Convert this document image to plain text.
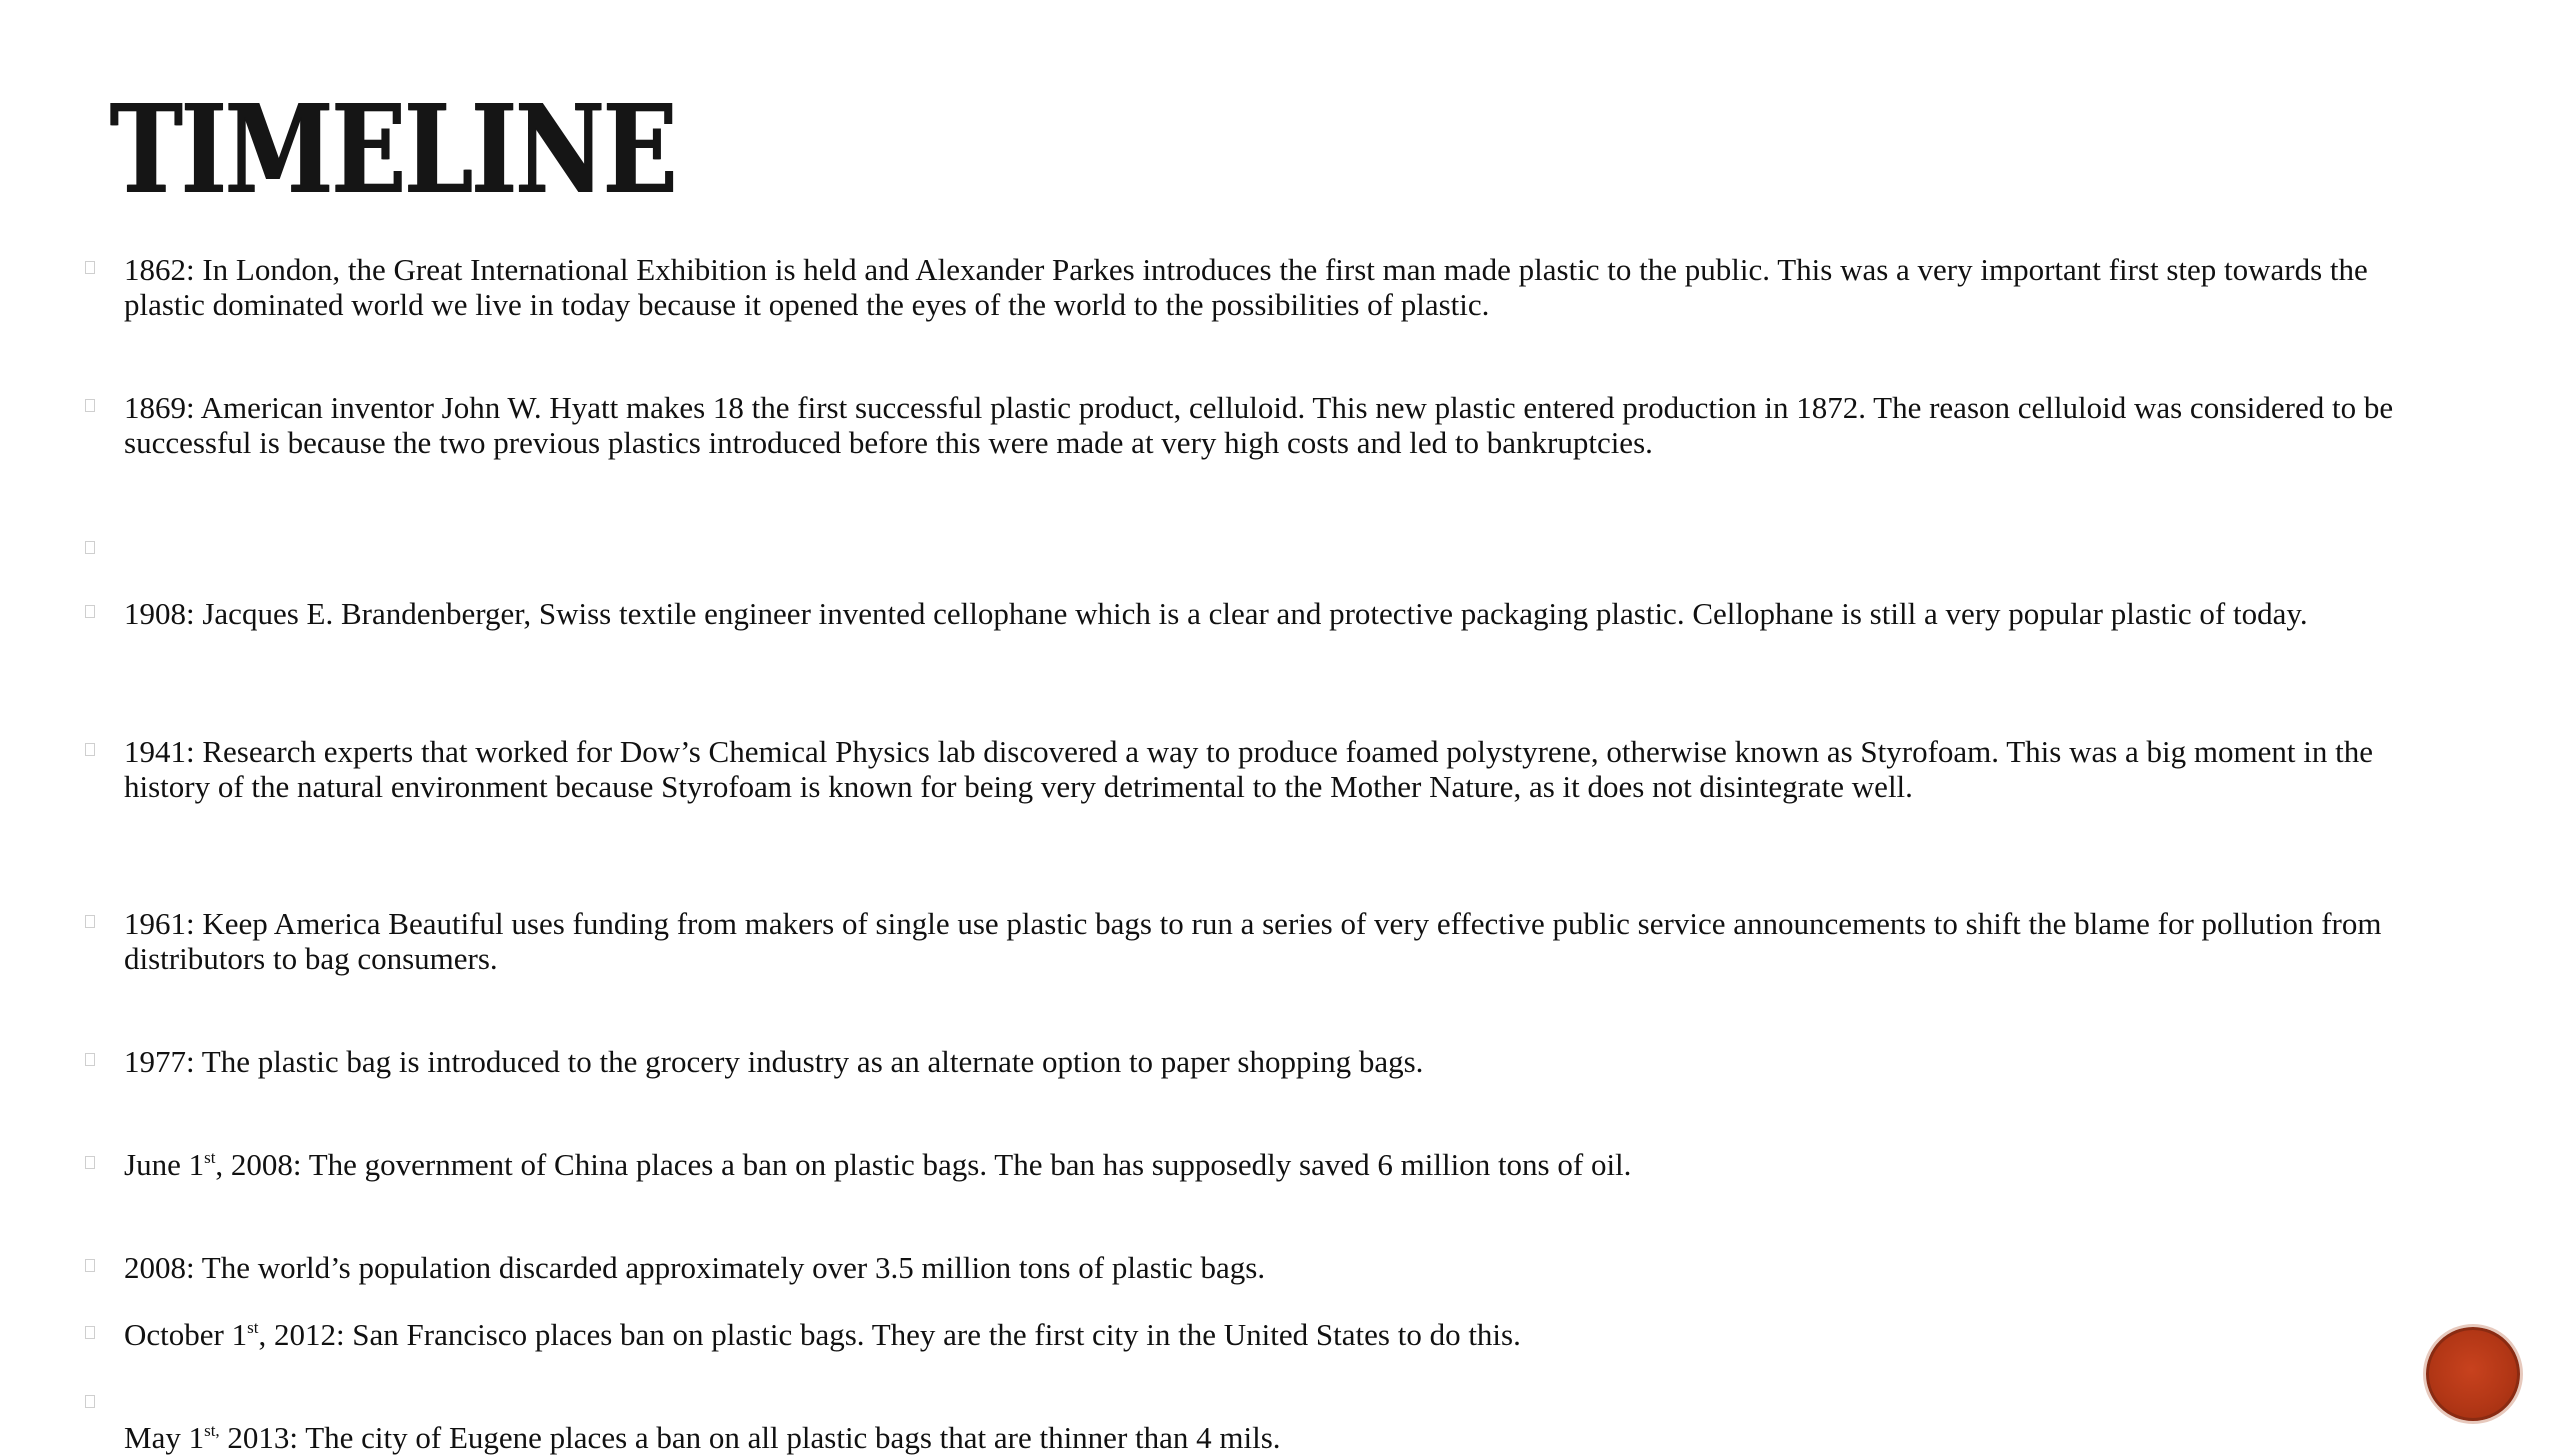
TIMELINE
1862: In London, the Great International Exhibition is held and Alexander Parkes introduces the first man made plastic to the public. This was a very important first step towards the plastic dominated world we live in today because it opened the eyes of the world to the possibilities of plastic.
1869: American inventor John W. Hyatt makes 18 the first successful plastic product, celluloid. This new plastic entered production in 1872. The reason celluloid was considered to be successful is because the two previous plastics introduced before this were made at very high costs and led to bankruptcies.
1908: Jacques E. Brandenberger, Swiss textile engineer invented cellophane which is a clear and protective packaging plastic. Cellophane is still a very popular plastic of today.
1941: Research experts that worked for Dow’s Chemical Physics lab discovered a way to produce foamed polystyrene, otherwise known as Styrofoam. This was a big moment in the history of the natural environment because Styrofoam is known for being very detrimental to the Mother Nature, as it does not disintegrate well.
1961: Keep America Beautiful uses funding from makers of single use plastic bags to run a series of very effective public service announcements to shift the blame for pollution from distributors to bag consumers.
1977: The plastic bag is introduced to the grocery industry as an alternate option to paper shopping bags.
June 1st, 2008: The government of China places a ban on plastic bags. The ban has supposedly saved 6 million tons of oil.
2008: The world’s population discarded approximately over 3.5 million tons of plastic bags.
October 1st, 2012: San Francisco places ban on plastic bags. They are the first city in the United States to do this.
May $1^{st,}$ 2013: The city of Eugene places a ban on all plastic bags that are thinner than 4 mils.
